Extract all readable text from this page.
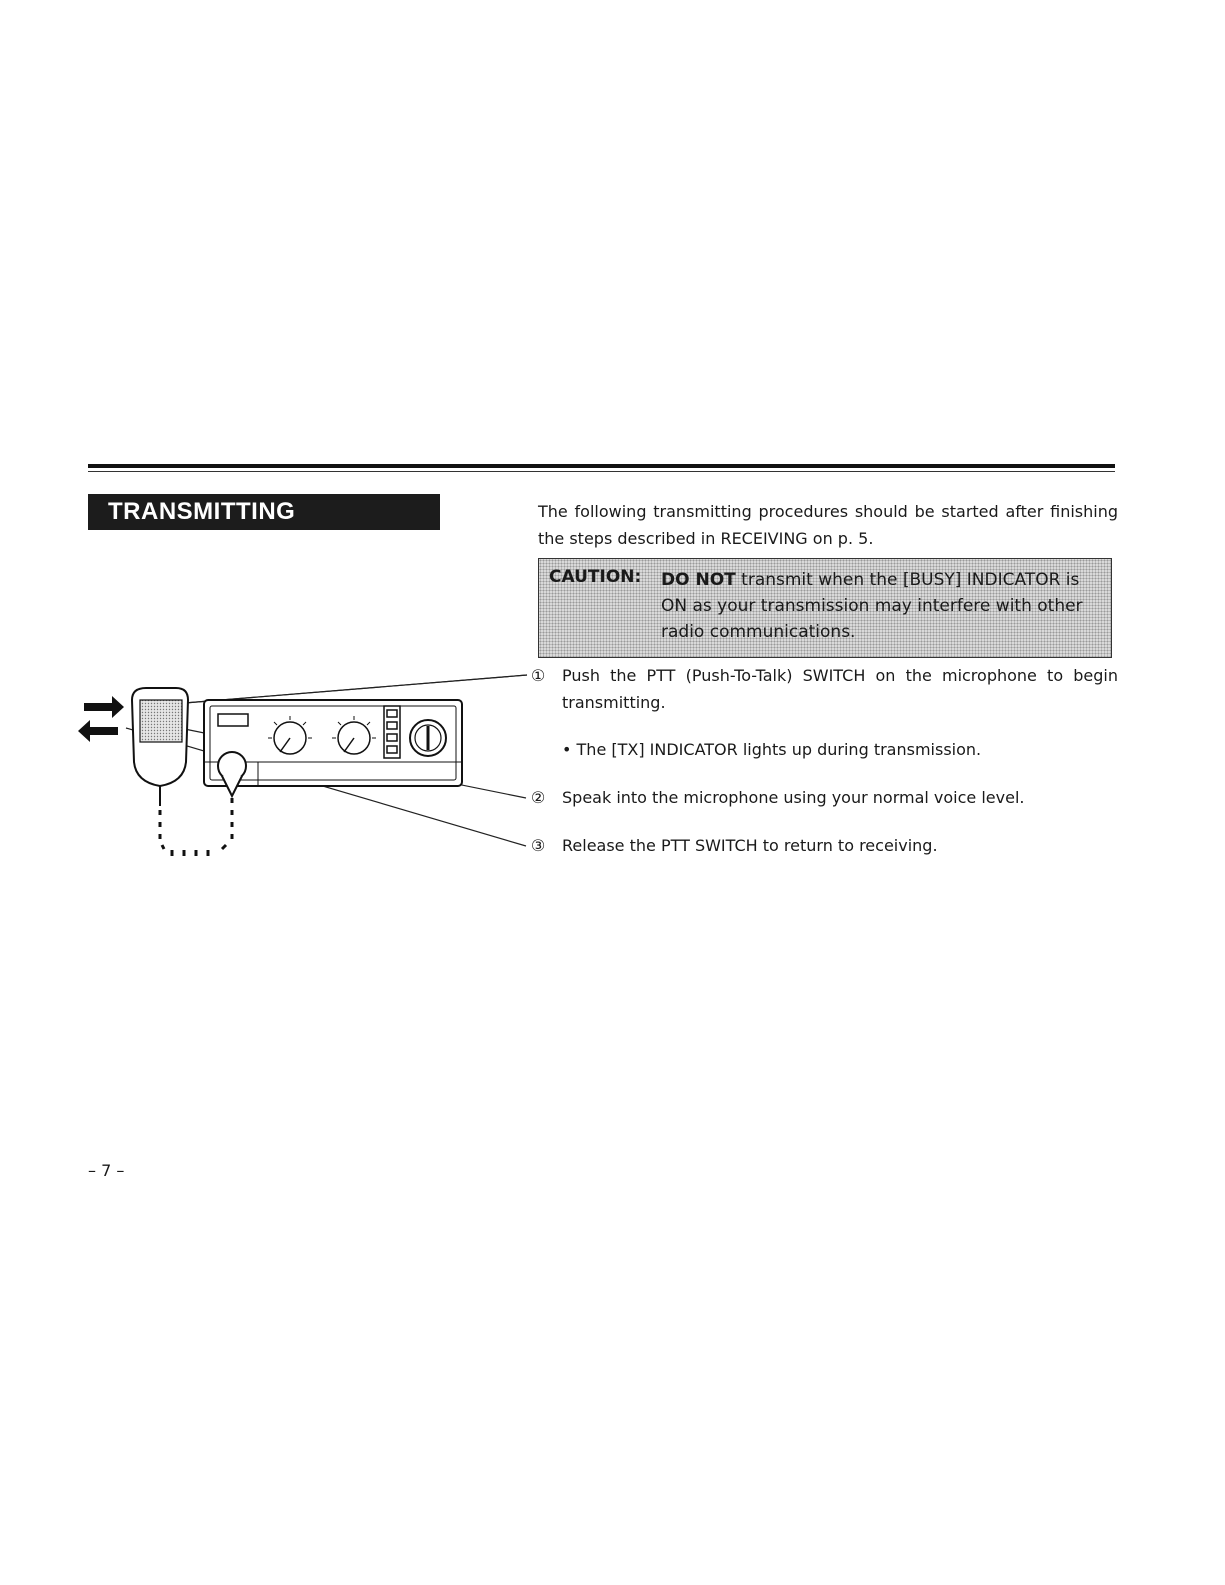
TRANSMITTING	The following transmitting procedures should be started after finishing the steps described in RECEIVING on p. 5.

CAUTION: DO NOT transmit when the [BUSY] INDICATOR is ON as your transmission may interfere with other radio communications.

① Push the PTT (Push-To-Talk) SWITCH on the microphone to begin transmitting.

• The [TX] INDICATOR lights up during transmission.

② Speak into the microphone using your normal voice level.
③ Release the PTT SWITCH to return to receiving.
– 7 –
